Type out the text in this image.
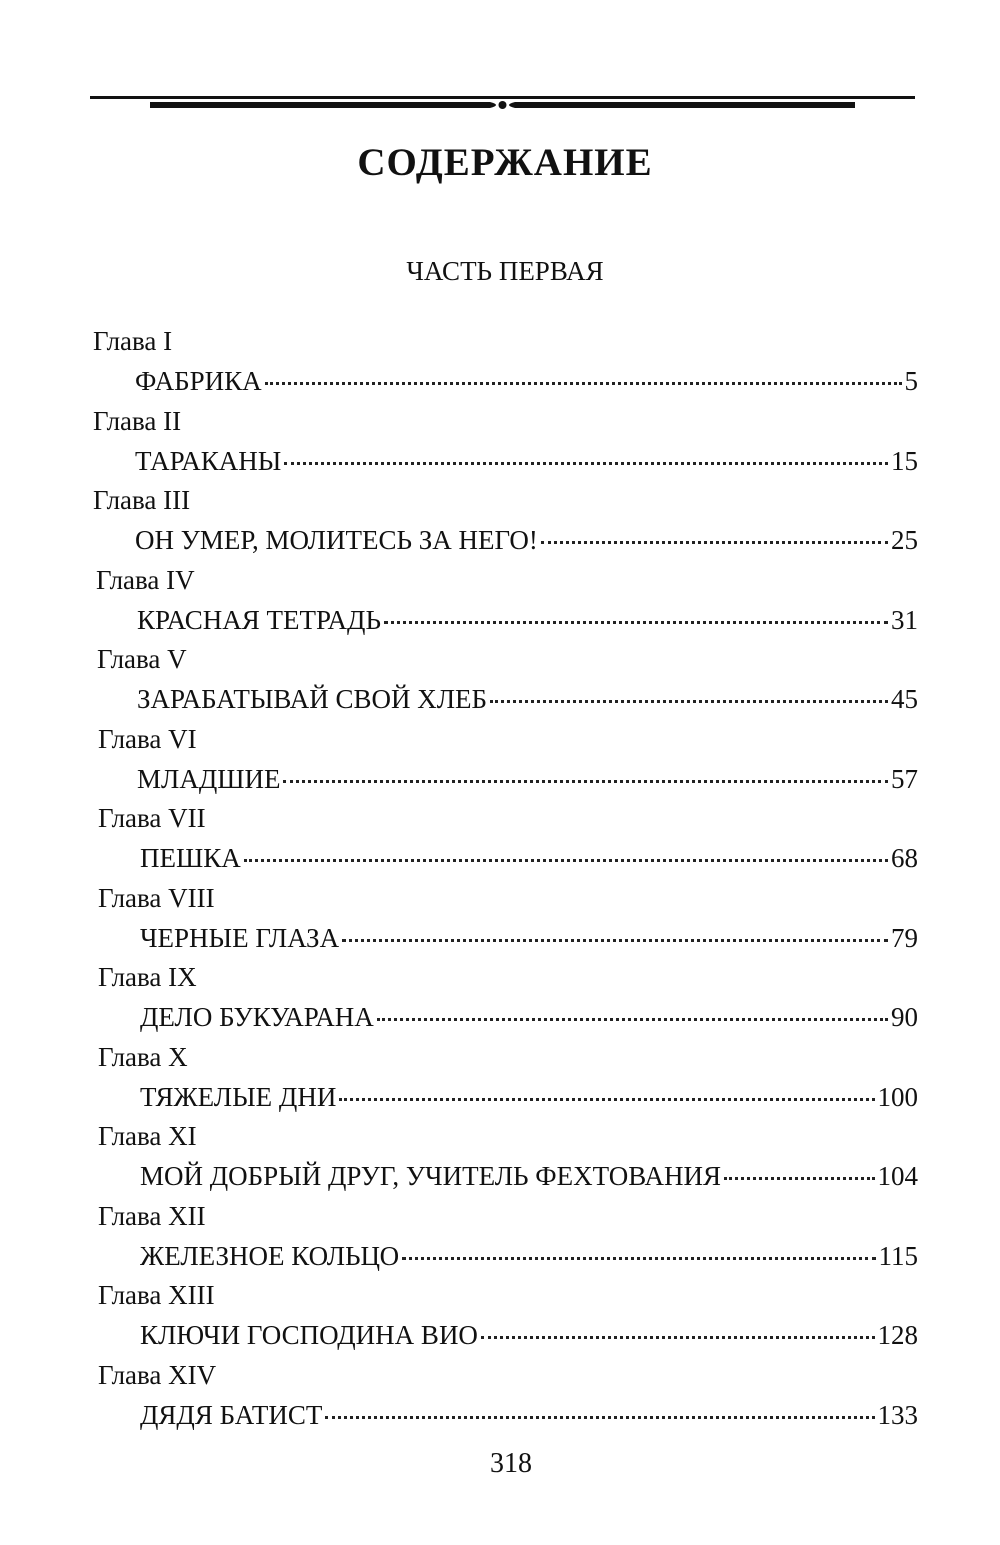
СОДЕРЖАНИЕ
ЧАСТЬ ПЕРВАЯ
Глава I
ФАБРИКА	5
Глава II
ТАРАКАНЫ	15
Глава III
ОН УМЕР, МОЛИТЕСЬ ЗА НЕГО!	25
Глава IV
КРАСНАЯ ТЕТРАДЬ	31
Глава V
ЗАРАБАТЫВАЙ СВОЙ ХЛЕБ	45
Глава VI
МЛАДШИЕ	57
Глава VII
ПЕШКА	68
Глава VIII
ЧЕРНЫЕ ГЛАЗА	79
Глава IX
ДЕЛО БУКУАРАНА	90
Глава X
ТЯЖЕЛЫЕ ДНИ	100
Глава XI
МОЙ ДОБРЫЙ ДРУГ, УЧИТЕЛЬ ФЕХТОВАНИЯ	104
Глава XII
ЖЕЛЕЗНОЕ КОЛЬЦО	115
Глава XIII
КЛЮЧИ ГОСПОДИНА ВИО	128
Глава XIV
ДЯДЯ БАТИСТ	133
318
